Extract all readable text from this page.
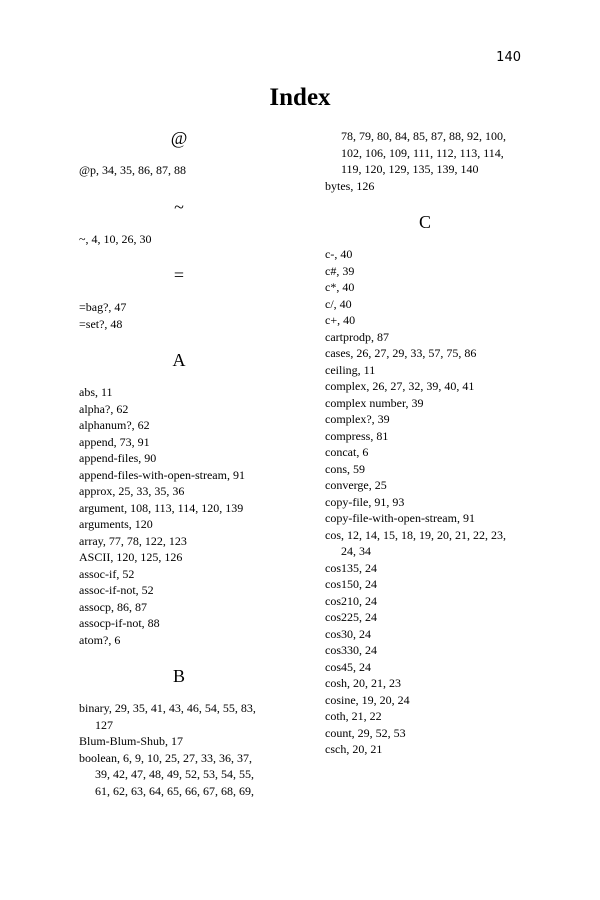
140
Index
@
@p, 34, 35, 86, 87, 88
~
~, 4, 10, 26, 30
=
=bag?, 47
=set?, 48
A
abs, 11
alpha?, 62
alphanum?, 62
append, 73, 91
append-files, 90
append-files-with-open-stream, 91
approx, 25, 33, 35, 36
argument, 108, 113, 114, 120, 139
arguments, 120
array, 77, 78, 122, 123
ASCII, 120, 125, 126
assoc-if, 52
assoc-if-not, 52
assocp, 86, 87
assocp-if-not, 88
atom?, 6
B
binary, 29, 35, 41, 43, 46, 54, 55, 83,
127
Blum-Blum-Shub, 17
boolean, 6, 9, 10, 25, 27, 33, 36, 37,
39, 42, 47, 48, 49, 52, 53, 54, 55,
61, 62, 63, 64, 65, 66, 67, 68, 69,
78, 79, 80, 84, 85, 87, 88, 92, 100,
102, 106, 109, 111, 112, 113, 114,
119, 120, 129, 135, 139, 140
bytes, 126
C
c-, 40
c#, 39
c*, 40
c/, 40
c+, 40
cartprodp, 87
cases, 26, 27, 29, 33, 57, 75, 86
ceiling, 11
complex, 26, 27, 32, 39, 40, 41
complex number, 39
complex?, 39
compress, 81
concat, 6
cons, 59
converge, 25
copy-file, 91, 93
copy-file-with-open-stream, 91
cos, 12, 14, 15, 18, 19, 20, 21, 22, 23,
24, 34
cos135, 24
cos150, 24
cos210, 24
cos225, 24
cos30, 24
cos330, 24
cos45, 24
cosh, 20, 21, 23
cosine, 19, 20, 24
coth, 21, 22
count, 29, 52, 53
csch, 20, 21
